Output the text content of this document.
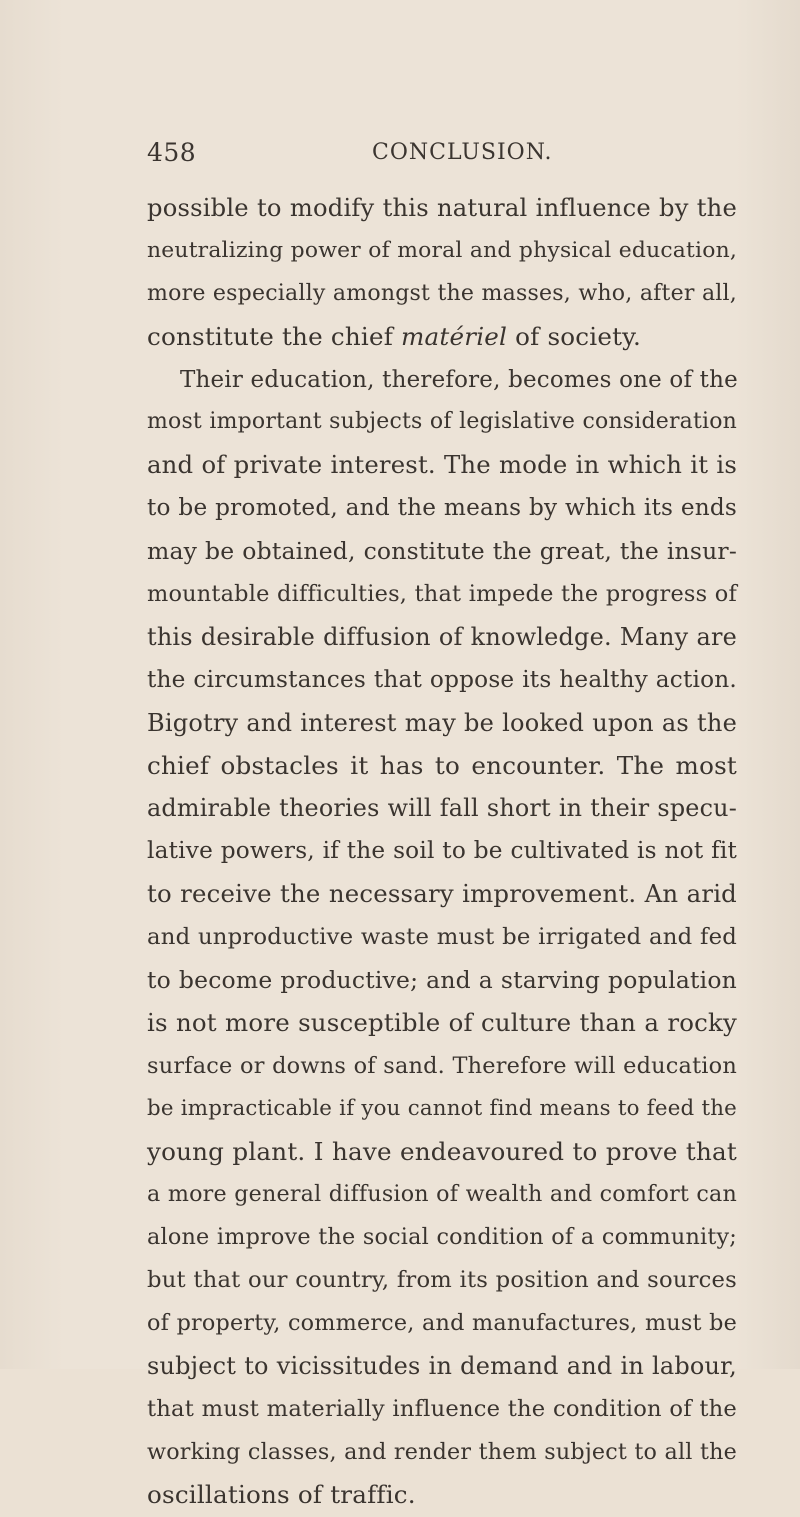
458	CONCLUSION.
possible to modify this natural influence by the
neutralizing power of moral and physical education,
more especially amongst the masses, who, after all,
constitute the chief matériel of society.
Their education, therefore, becomes one of the
most important subjects of legislative consideration
and of private interest. The mode in which it is
to be promoted, and the means by which its ends
may be obtained, constitute the great, the insur-
mountable difficulties, that impede the progress of
this desirable diffusion of knowledge. Many are
the circumstances that oppose its healthy action.
Bigotry and interest may be looked upon as the
chief obstacles it has to encounter. The most
admirable theories will fall short in their specu-
lative powers, if the soil to be cultivated is not fit
to receive the necessary improvement. An arid
and unproductive waste must be irrigated and fed
to become productive; and a starving population
is not more susceptible of culture than a rocky
surface or downs of sand. Therefore will education
be impracticable if you cannot find means to feed the
young plant. I have endeavoured to prove that
a more general diffusion of wealth and comfort can
alone improve the social condition of a community;
but that our country, from its position and sources
of property, commerce, and manufactures, must be
subject to vicissitudes in demand and in labour,
that must materially influence the condition of the
working classes, and render them subject to all the
oscillations of traffic.
